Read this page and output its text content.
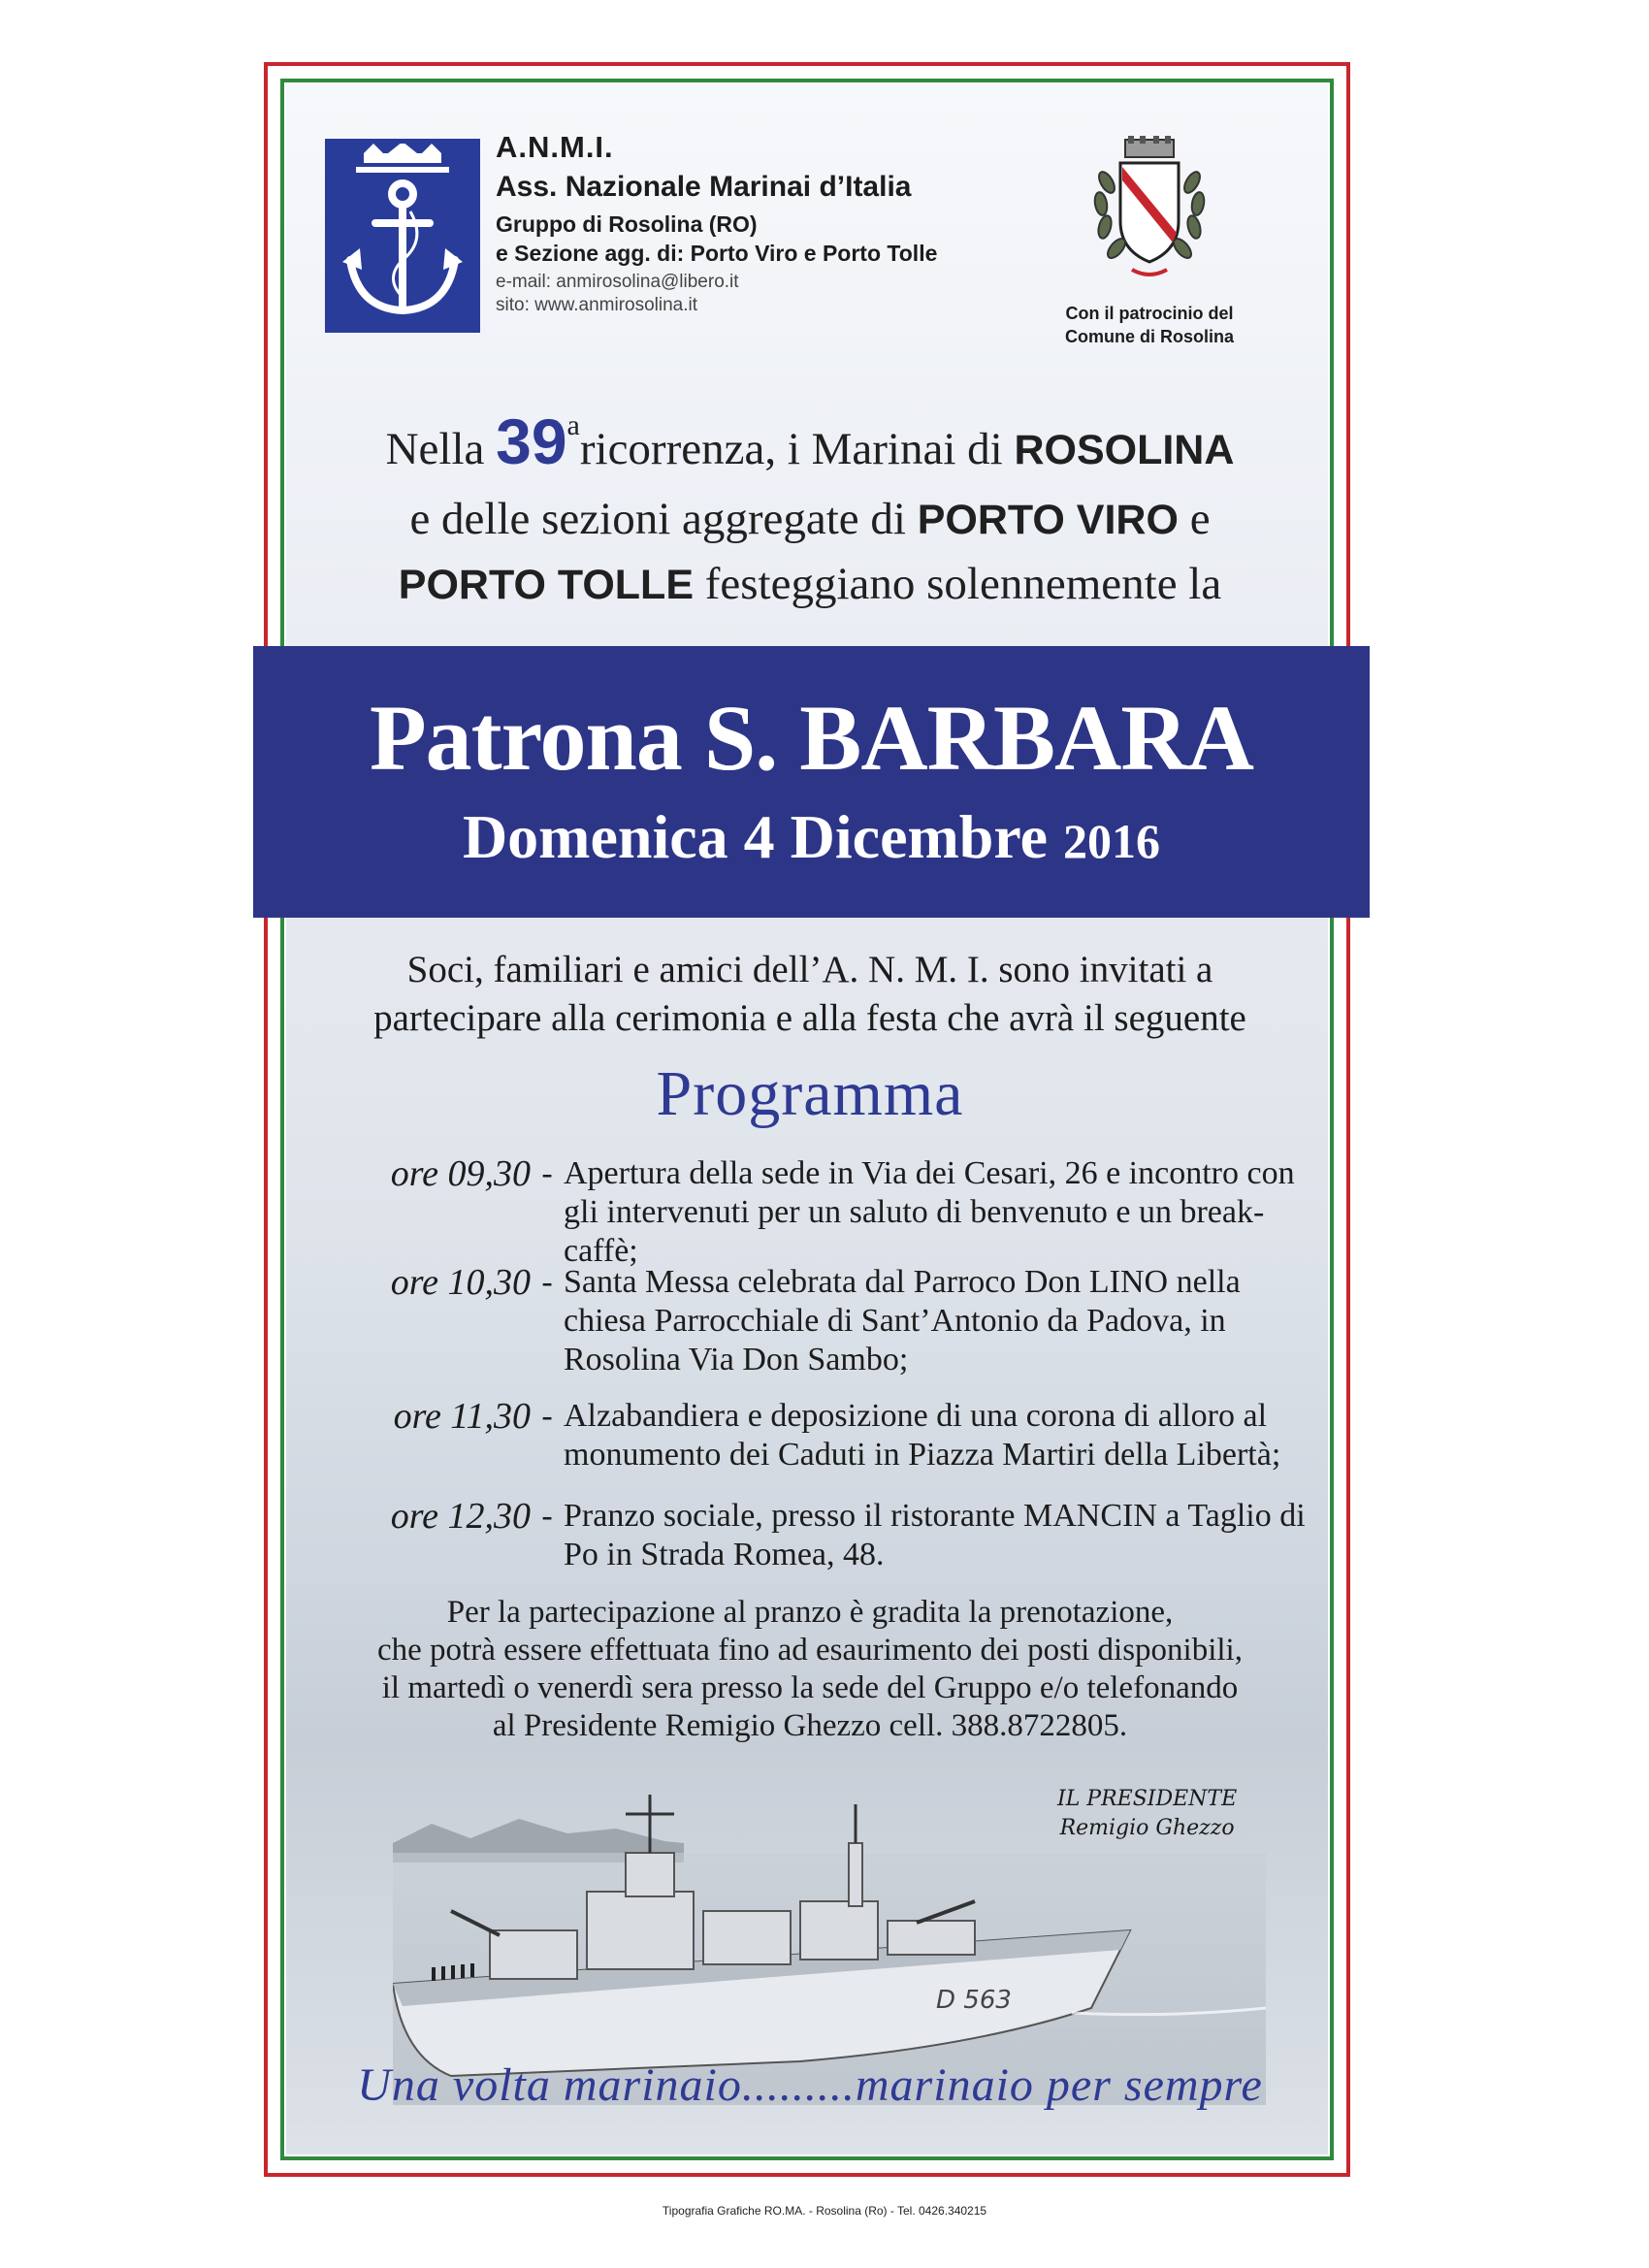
A.N.M.I.
Ass. Nazionale Marinai d’Italia
Gruppo di Rosolina (RO)
e Sezione agg. di: Porto Viro e Porto Tolle
e-mail: anmirosolina@libero.it
sito: www.anmirosolina.it	Con il patrocinio del
Comune di Rosolina
Nella 39$^a$ricorrenza, i Marinai di ROSOLINA
e delle sezioni aggregate di PORTO VIRO e
PORTO TOLLE festeggiano solennemente la
Patrona S. BARBARA
Domenica 4 Dicembre 2016
Soci, familiari e amici dell’A. N. M. I. sono invitati a
partecipare alla cerimonia e alla festa che avrà il seguente
Programma
ore 09,30 - Apertura della sede in Via dei Cesari, 26 e incontro con gli intervenuti per un saluto di benvenuto e un break-caffè;
ore 10,30 - Santa Messa celebrata dal Parroco Don LINO nella chiesa Parrocchiale di Sant’Antonio da Padova, in Rosolina Via Don Sambo;
ore 11,30 - Alzabandiera e deposizione di una corona di alloro al monumento dei Caduti in Piazza Martiri della Libertà;
ore 12,30 - Pranzo sociale, presso il ristorante MANCIN a Taglio di Po in Strada Romea, 48.
Per la partecipazione al pranzo è gradita la prenotazione,
che potrà essere effettuata fino ad esaurimento dei posti disponibili,
il martedì o venerdì sera presso la sede del Gruppo e/o telefonando
al Presidente Remigio Ghezzo cell. 388.8722805.
D 563
IL PRESIDENTE
Remigio Ghezzo
Una volta marinaio.........marinaio per sempre
Tipografia Grafiche RO.MA. - Rosolina (Ro) - Tel. 0426.340215
